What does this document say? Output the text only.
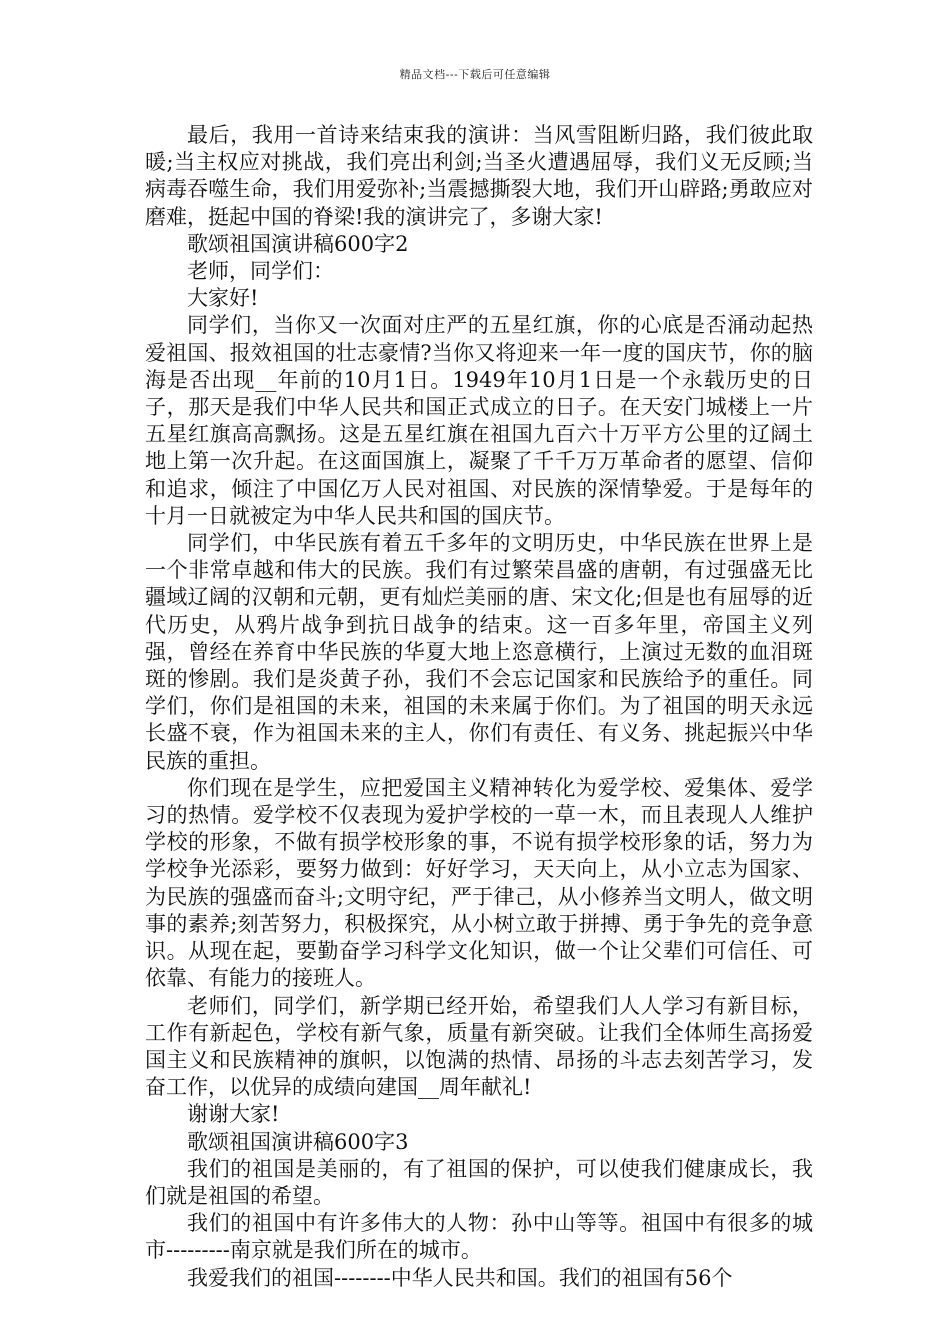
精品文档---下载后可任意编辑

最后，我用一首诗来结束我的演讲：当风雪阻断归路，我们彼此取暖;当主权应对挑战，我们亮出利剑;当圣火遭遇屈辱，我们义无反顾;当病毒吞噬生命，我们用爱弥补;当震撼撕裂大地，我们开山辟路;勇敢应对磨难，挺起中国的脊梁!我的演讲完了，多谢大家!

歌颂祖国演讲稿600字2

老师，同学们：

大家好!

同学们，当你又一次面对庄严的五星红旗，你的心底是否涌动起热爱祖国、报效祖国的壮志豪情?当你又将迎来一年一度的国庆节，你的脑海是否出现__年前的10月1日。1949年10月1日是一个永载历史的日子，那天是我们中华人民共和国正式成立的日子。在天安门城楼上一片五星红旗高高飘扬。这是五星红旗在祖国九百六十万平方公里的辽阔土地上第一次升起。在这面国旗上，凝聚了千千万万革命者的愿望、信仰和追求，倾注了中国亿万人民对祖国、对民族的深情挚爱。于是每年的十月一日就被定为中华人民共和国的国庆节。

同学们，中华民族有着五千多年的文明历史，中华民族在世界上是一个非常卓越和伟大的民族。我们有过繁荣昌盛的唐朝，有过强盛无比疆域辽阔的汉朝和元朝，更有灿烂美丽的唐、宋文化;但是也有屈辱的近代历史，从鸦片战争到抗日战争的结束。这一百多年里，帝国主义列强，曾经在养育中华民族的华夏大地上恣意横行，上演过无数的血泪斑斑的惨剧。我们是炎黄子孙，我们不会忘记国家和民族给予的重任。同学们，你们是祖国的未来，祖国的未来属于你们。为了祖国的明天永远长盛不衰，作为祖国未来的主人，你们有责任、有义务、挑起振兴中华民族的重担。

你们现在是学生，应把爱国主义精神转化为爱学校、爱集体、爱学习的热情。爱学校不仅表现为爱护学校的一草一木，而且表现人人维护学校的形象，不做有损学校形象的事，不说有损学校形象的话，努力为学校争光添彩，要努力做到：好好学习，天天向上，从小立志为国家、为民族的强盛而奋斗;文明守纪，严于律己，从小修养当文明人，做文明事的素养;刻苦努力，积极探究，从小树立敢于拼搏、勇于争先的竞争意识。从现在起，要勤奋学习科学文化知识，做一个让父辈们可信任、可依靠、有能力的接班人。

老师们，同学们，新学期已经开始，希望我们人人学习有新目标，工作有新起色，学校有新气象，质量有新突破。让我们全体师生高扬爱国主义和民族精神的旗帜，以饱满的热情、昂扬的斗志去刻苦学习，发奋工作，以优异的成绩向建国__周年献礼!

谢谢大家!

歌颂祖国演讲稿600字3

我们的祖国是美丽的，有了祖国的保护，可以使我们健康成长，我们就是祖国的希望。

我们的祖国中有许多伟大的人物：孙中山等等。祖国中有很多的城市---------南京就是我们所在的城市。

我爱我们的祖国--------中华人民共和国。我们的祖国有56个
